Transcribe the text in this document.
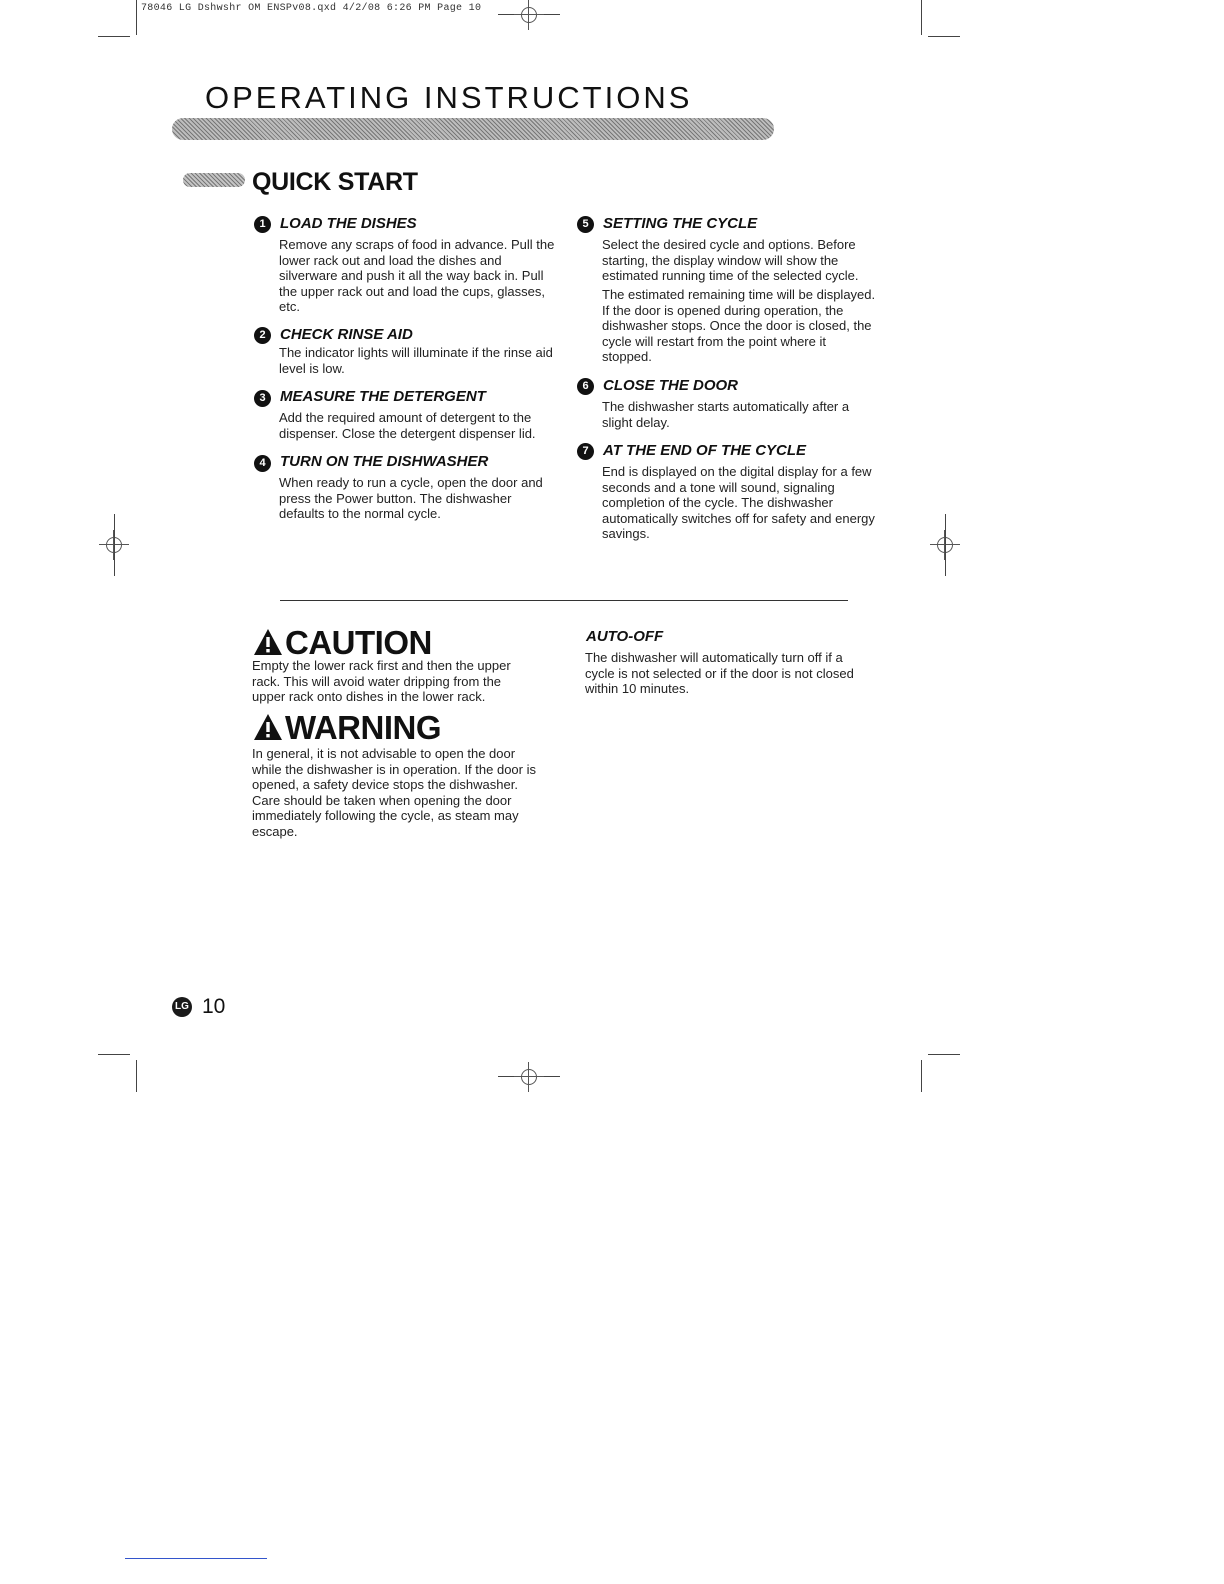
78046 LG Dshwshr OM ENSPv08.qxd 4/2/08 6:26 PM Page 10
OPERATING INSTRUCTIONS
QUICK START
1 LOAD THE DISHES
Remove any scraps of food in advance. Pull the lower rack out and load the dishes and silverware and push it all the way back in. Pull the upper rack out and load the cups, glasses, etc.
2 CHECK RINSE AID
The indicator lights will illuminate if the rinse aid level is low.
3 MEASURE THE DETERGENT
Add the required amount of detergent to the dispenser. Close the detergent dispenser lid.
4 TURN ON THE DISHWASHER
When ready to run a cycle, open the door and press the Power button. The dishwasher defaults to the normal cycle.
5 SETTING THE CYCLE
Select the desired cycle and options. Before starting, the display window will show the estimated running time of the selected cycle.
The estimated remaining time will be displayed. If the door is opened during operation, the dishwasher stops. Once the door is closed, the cycle will restart from the point where it stopped.
6 CLOSE THE DOOR
The dishwasher starts automatically after a slight delay.
7 AT THE END OF THE CYCLE
End is displayed on the digital display for a few seconds and a tone will sound, signaling completion of the cycle. The dishwasher automatically switches off for safety and energy savings.
CAUTION
Empty the lower rack first and then the upper rack. This will avoid water dripping from the upper rack onto dishes in the lower rack.
WARNING
In general, it is not advisable to open the door while the dishwasher is in operation. If the door is opened, a safety device stops the dishwasher. Care should be taken when opening the door immediately following the cycle, as steam may escape.
AUTO-OFF
The dishwasher will automatically turn off if a cycle is not selected or if the door is not closed within 10 minutes.
LG 10
